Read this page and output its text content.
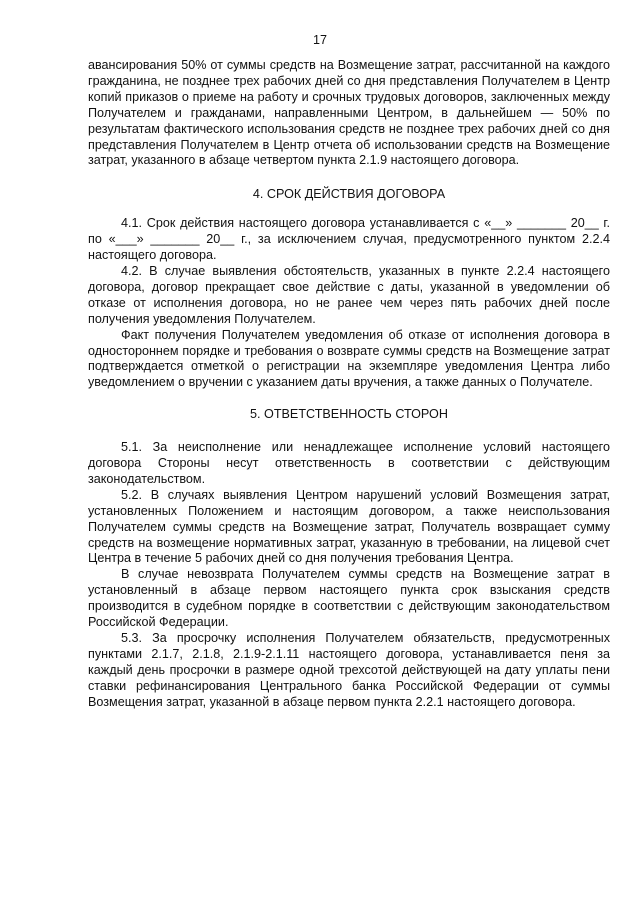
17

авансирования 50% от суммы средств на Возмещение затрат, рассчитанной на каждого гражданина, не позднее трех рабочих дней со дня представления Получателем в Центр копий приказов о приеме на работу и срочных трудовых договоров, заключенных между Получателем и гражданами, направленными Центром, в дальнейшем — 50% по результатам фактического использования средств не позднее трех рабочих дней со дня представления Получателем в Центр отчета об использовании средств на Возмещение затрат, указанного в абзаце четвертом пункта 2.1.9 настоящего договора.

4. СРОК ДЕЙСТВИЯ ДОГОВОРА

4.1. Срок действия настоящего договора устанавливается с «__» _______ 20__ г. по «___» _______ 20__ г., за исключением случая, предусмотренного пунктом 2.2.4 настоящего договора.

4.2. В случае выявления обстоятельств, указанных в пункте 2.2.4 настоящего договора, договор прекращает свое действие с даты, указанной в уведомлении об отказе от исполнения договора, но не ранее чем через пять рабочих дней после получения уведомления Получателем.

Факт получения Получателем уведомления об отказе от исполнения договора в одностороннем порядке и требования о возврате суммы средств на Возмещение затрат подтверждается отметкой о регистрации на экземпляре уведомления Центра либо уведомлением о вручении с указанием даты вручения, а также данных о Получателе.

5. ОТВЕТСТВЕННОСТЬ СТОРОН

5.1. За неисполнение или ненадлежащее исполнение условий настоящего договора Стороны несут ответственность в соответствии с действующим законодательством.

5.2. В случаях выявления Центром нарушений условий Возмещения затрат, установленных Положением и настоящим договором, а также неиспользования Получателем суммы средств на Возмещение затрат, Получатель возвращает сумму средств на возмещение нормативных затрат, указанную в требовании, на лицевой счет Центра в течение 5 рабочих дней со дня получения требования Центра.

В случае невозврата Получателем суммы средств на Возмещение затрат в установленный в абзаце первом настоящего пункта срок взыскания средств производится в судебном порядке в соответствии с действующим законодательством Российской Федерации.

5.3. За просрочку исполнения Получателем обязательств, предусмотренных пунктами 2.1.7, 2.1.8, 2.1.9-2.1.11 настоящего договора, устанавливается пеня за каждый день просрочки в размере одной трехсотой действующей на дату уплаты пени ставки рефинансирования Центрального банка Российской Федерации от суммы Возмещения затрат, указанной в абзаце первом пункта 2.2.1 настоящего договора.
